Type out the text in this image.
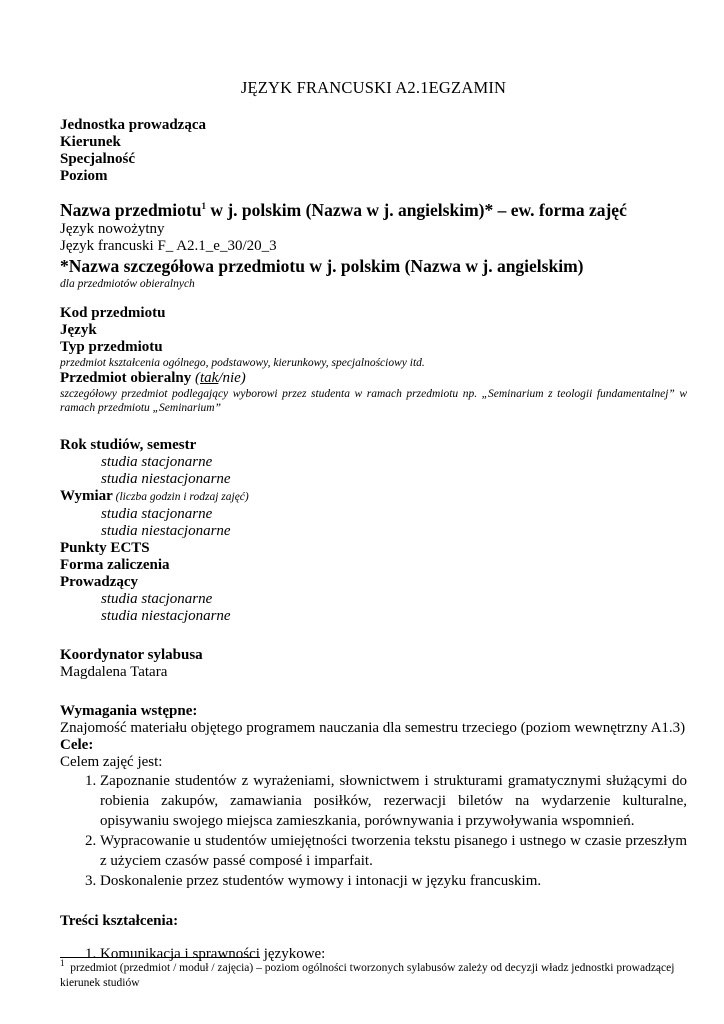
JĘZYK FRANCUSKI A2.1EGZAMIN
Jednostka prowadząca
Kierunek
Specjalność
Poziom
Nazwa przedmiotu$^1$ w j. polskim (Nazwa w j. angielskim)* – ew. forma zajęć
Język nowożytny
Język francuski F_ A2.1_e_30/20_3
*Nazwa szczegółowa przedmiotu w j. polskim (Nazwa w j. angielskim)
dla przedmiotów obieralnych
Kod przedmiotu
Język
Typ przedmiotu
przedmiot kształcenia ogólnego, podstawowy, kierunkowy, specjalnościowy itd.
Przedmiot obieralny (tak/nie)
szczegółowy przedmiot podlegający wyborowi przez studenta w ramach przedmiotu np. „Seminarium z teologii fundamentalnej” w ramach przedmiotu „Seminarium”
Rok studiów, semestr
studia stacjonarne
studia niestacjonarne
Wymiar (liczba godzin i rodzaj zajęć)
studia stacjonarne
studia niestacjonarne
Punkty ECTS
Forma zaliczenia
Prowadzący
studia stacjonarne
studia niestacjonarne
Koordynator sylabusa
Magdalena Tatara
Wymagania wstępne:
Znajomość materiału objętego programem nauczania dla semestru trzeciego (poziom wewnętrzny A1.3)
Cele:
Celem zajęć jest:
1. Zapoznanie studentów z wyrażeniami, słownictwem i strukturami gramatycznymi służącymi do robienia zakupów, zamawiania posiłków, rezerwacji biletów na wydarzenie kulturalne, opisywaniu swojego miejsca zamieszkania, porównywania i przywoływania wspomnień.
2. Wypracowanie u studentów umiejętności tworzenia tekstu pisanego i ustnego w czasie przeszłym z użyciem czasów passé composé i imparfait.
3. Doskonalenie przez studentów wymowy i intonacji w języku francuskim.
Treści kształcenia:
1. Komunikacja i sprawności językowe:
$^1$ przedmiot (przedmiot / moduł / zajęcia) – poziom ogólności tworzonych sylabusów zależy od decyzji władz jednostki prowadzącej kierunek studiów
